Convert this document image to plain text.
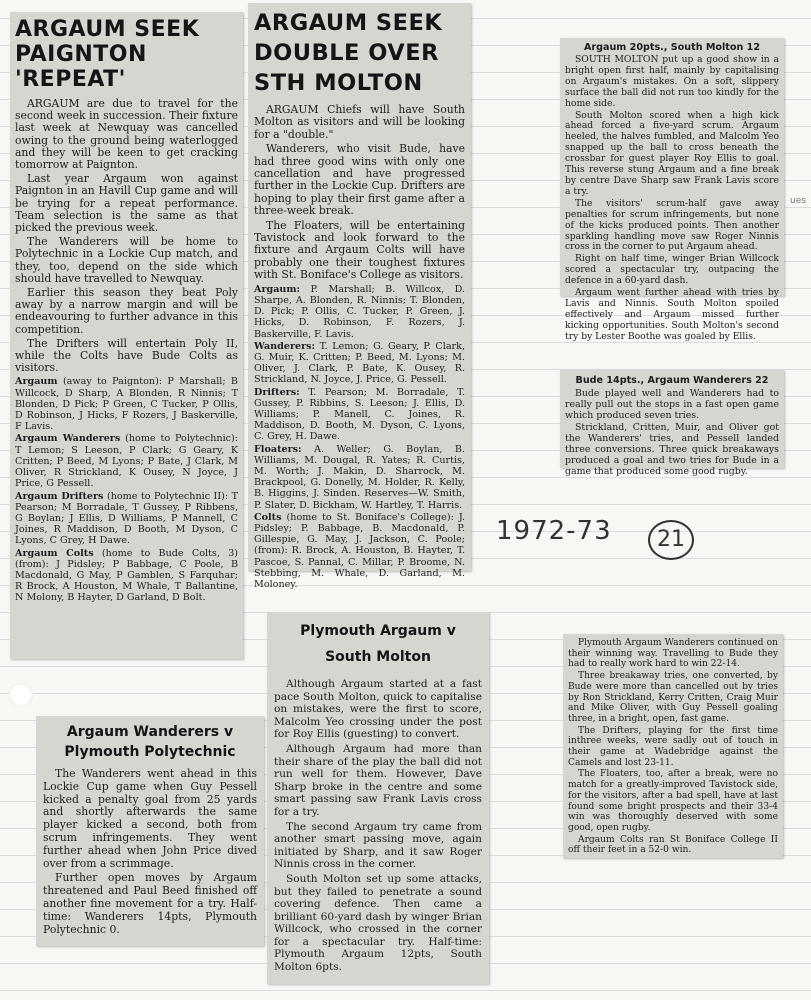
ARGAUM SEEK
PAIGNTON
'REPEAT'

ARGAUM are due to travel for the second week in succession. Their fixture last week at Newquay was cancelled owing to the ground being waterlogged and they will be keen to get cracking tomorrow at Paignton.

Last year Argaum won against Paignton in an Havill Cup game and will be trying for a repeat performance. Team selection is the same as that picked the previous week.

The Wanderers will be home to Polytechnic in a Lockie Cup match, and they, too, depend on the side which should have travelled to Newquay.

Earlier this season they beat Poly away by a narrow margin and will be endeavouring to further advance in this competition.

The Drifters will entertain Poly II, while the Colts have Bude Colts as visitors.

Argaum (away to Paignton): P Marshall; B Willcock, D Sharp, A Blonden, R Ninnis; T Blonden, D Pick; P Green, C Tucker, P Ollis, D Robinson, J Hicks, F Rozers, J Baskerville, F Lavis.

Argaum Wanderers (home to Polytechnic): T Lemon; S Leeson, P Clark; G Geary, K Critten; P Beed, M Lyons; P Bate, J Clark, M Oliver, R Strickland, K Ousey, N Joyce, J Price, G Pessell.

Argaum Drifters (home to Polytechnic II): T Pearson; M Borradale, T Gussey, P Ribbens, G Boylan; J Ellis, D Williams, P Mannell, C Joines, R Maddison, D Booth, M Dyson, C Lyons, C Grey, H Dawe.

Argaum Colts (home to Bude Colts, 3) (from): J Pidsley; P Babbage, C Poole, B Macdonald, G May, P Gamblen, S Farquhar; R Brock, A Houston, M Whale, T Ballantine, N Molony, B Hayter, D Garland, D Bolt.

ARGAUM SEEK
DOUBLE OVER
STH MOLTON

ARGAUM Chiefs will have South Molton as visitors and will be looking for a "double."

Wanderers, who visit Bude, have had three good wins with only one cancellation and have progressed further in the Lockie Cup. Drifters are hoping to play their first game after a three-week break.

The Floaters, will be entertaining Tavistock and look forward to the fixture and Argaum Colts will have probably one their toughest fixtures with St. Boniface's College as visitors.

Argaum: P. Marshall; B. Willcox, D. Sharpe, A. Blonden, R. Ninnis; T. Blonden, D. Pick; P. Ollis, C. Tucker, P. Green, J. Hicks, D. Robinson, F. Rozers, J. Baskerville, F. Lavis.

Wanderers: T. Lemon; G. Geary, P. Clark, G. Muir, K. Critten; P. Beed, M. Lyons; M. Oliver, J. Clark, P. Bate, K. Ousey, R. Strickland, N. Joyce, J. Price, G. Pessell.

Drifters: T. Pearson; M. Borradale, T. Gussey, P. Ribbins, S. Leeson; J. Ellis, D. Williams; P. Manell, C. Joines, R. Maddison, D. Booth, M. Dyson, C. Lyons, C. Grey, H. Dawe.

Floaters: A. Weller; G. Boylan, B. Williams, M. Dougal, R. Yates; R. Curtis, M. Worth; J. Makin, D. Sharrock, M. Brackpool, G. Donelly, M. Holder, R. Kelly, B. Higgins, J. Sinden. Reserves—W. Smith, P. Slater, D. Bickham, W. Hartley, T. Harris.

Colts (home to St. Boniface's College): J. Pidsley; P. Babbage, B. Macdonald, P. Gillespie, G. May, J. Jackson, C. Poole; (from): R. Brock, A. Houston, B. Hayter, T. Pascoe, S. Pannal, C. Millar, P. Broome, N. Stebbing, M. Whale, D. Garland, M. Moloney.

Argaum 20pts., South Molton 12

SOUTH MOLTON put up a good show in a bright open first half, mainly by capitalising on Argaum's mistakes. On a soft, slippery surface the ball did not run too kindly for the home side.

South Molton scored when a high kick ahead forced a five-yard scrum. Argaum heeled, the halves fumbled, and Malcolm Yeo snapped up the ball to cross beneath the crossbar for guest player Roy Ellis to goal. This reverse stung Argaum and a fine break by centre Dave Sharp saw Frank Lavis score a try.

The visitors' scrum-half gave away penalties for scrum infringements, but none of the kicks produced points. Then another sparkling handling move saw Roger Ninnis cross in the corner to put Argaum ahead.

Right on half time, winger Brian Willcock scored a spectacular try, outpacing the defence in a 60-yard dash.

Argaum went further ahead with tries by Lavis and Ninnis. South Molton spoiled effectively and Argaum missed further kicking opportunities. South Molton's second try by Lester Boothe was goaled by Ellis.

ues
Bude 14pts., Argaum Wanderers 22

Bude played well and Wanderers had to really pull out the stops in a fast open game which produced seven tries.

Strickland, Critten, Muir, and Oliver got the Wanderers' tries, and Pessell landed three conversions. Three quick breakaways produced a goal and two tries for Bude in a game that produced some good rugby.

1972-73	21

Plymouth Argaum Wanderers continued on their winning way. Travelling to Bude they had to really work hard to win 22-14.

Three breakaway tries, one converted, by Bude were more than cancelled out by tries by Ron Strickland, Kerry Critten, Craig Muir and Mike Oliver, with Guy Pessell goaling three, in a bright, open, fast game.

The Drifters, playing for the first time inthree weeks, were sadly out of touch in their game at Wadebridge against the Camels and lost 23-11.

The Floaters, too, after a break, were no match for a greatly-improved Tavistock side, for the visitors, after a bad spell, have at last found some bright prospects and their 33-4 win was thoroughly deserved with some good, open rugby.

Argaum Colts ran St Boniface College II off their feet in a 52-0 win.

Plymouth Argaum v
South Molton

Although Argaum started at a fast pace South Molton, quick to capitalise on mistakes, were the first to score, Malcolm Yeo crossing under the post for Roy Ellis (guesting) to convert.

Although Argaum had more than their share of the play the ball did not run well for them. However, Dave Sharp broke in the centre and some smart passing saw Frank Lavis cross for a try.

The second Argaum try came from another smart passing move, again initiated by Sharp, and it saw Roger Ninnis cross in the corner.

South Molton set up some attacks, but they failed to penetrate a sound covering defence. Then came a brilliant 60-yard dash by winger Brian Willcock, who crossed in the corner for a spectacular try. Half-time: Plymouth Argaum 12pts, South Molton 6pts.

Argaum Wanderers v
Plymouth Polytechnic

The Wanderers went ahead in this Lockie Cup game when Guy Pessell kicked a penalty goal from 25 yards and shortly afterwards the same player kicked a second, both from scrum infringements. They went further ahead when John Price dived over from a scrimmage.

Further open moves by Argaum threatened and Paul Beed finished off another fine movement for a try. Half-time: Wanderers 14pts, Plymouth Polytechnic 0.
